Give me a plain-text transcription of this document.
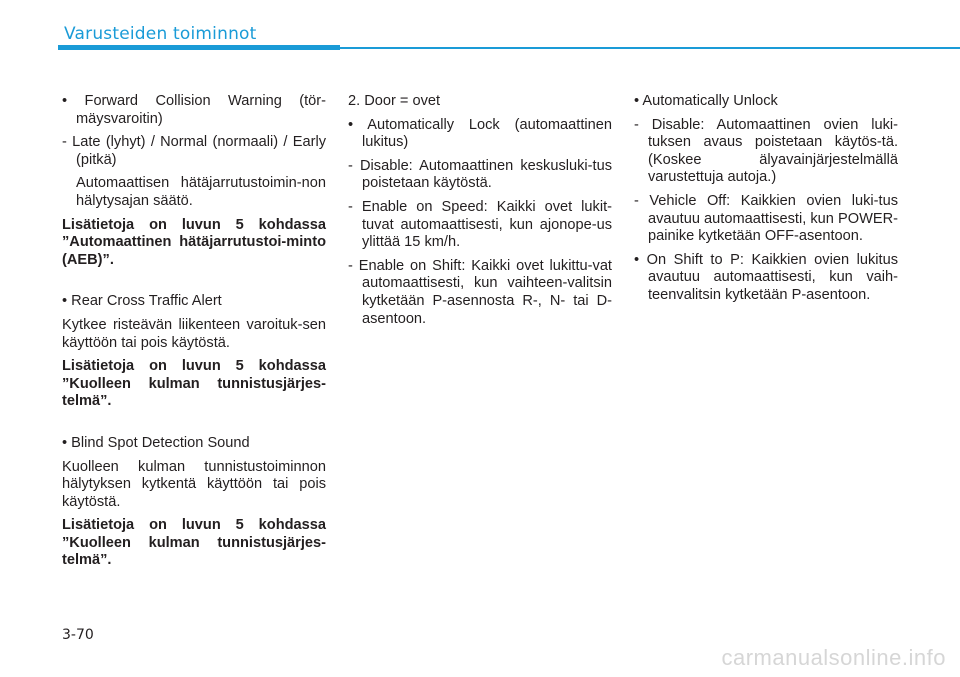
Varusteiden toiminnot

• Forward Collision Warning (tör-mäysvaroitin)

- Late (lyhyt) / Normal (normaali) / Early (pitkä)

Automaattisen hätäjarrutustoimin-non hälytysajan säätö.

Lisätietoja on luvun 5 kohdassa ”Automaattinen hätäjarrutustoi-minto (AEB)”.

• Rear Cross Traffic Alert

Kytkee risteävän liikenteen varoituk-sen käyttöön tai pois käytöstä.

Lisätietoja on luvun 5 kohdassa ”Kuolleen kulman tunnistusjärjes-telmä”.

• Blind Spot Detection Sound

Kuolleen kulman tunnistustoiminnon hälytyksen kytkentä käyttöön tai pois käytöstä.

Lisätietoja on luvun 5 kohdassa ”Kuolleen kulman tunnistusjärjes-telmä”.

2. Door = ovet

• Automatically Lock (automaattinen lukitus)

- Disable: Automaattinen keskusluki-tus poistetaan käytöstä.

- Enable on Speed: Kaikki ovet lukit-tuvat automaattisesti, kun ajonope-us ylittää 15 km/h.

- Enable on Shift: Kaikki ovet lukittu-vat automaattisesti, kun vaihteen-valitsin kytketään P-asennosta R-, N- tai D-asentoon.

• Automatically Unlock

- Disable: Automaattinen ovien luki-tuksen avaus poistetaan käytös-tä. (Koskee älyavainjärjestelmällä varustettuja autoja.)

- Vehicle Off: Kaikkien ovien luki-tus avautuu automaattisesti, kun POWER-painike kytketään OFF-asentoon.

• On Shift to P: Kaikkien ovien lukitus avautuu automaattisesti, kun vaih-teenvalitsin kytketään P-asentoon.

3-70
carmanualsonline.info
